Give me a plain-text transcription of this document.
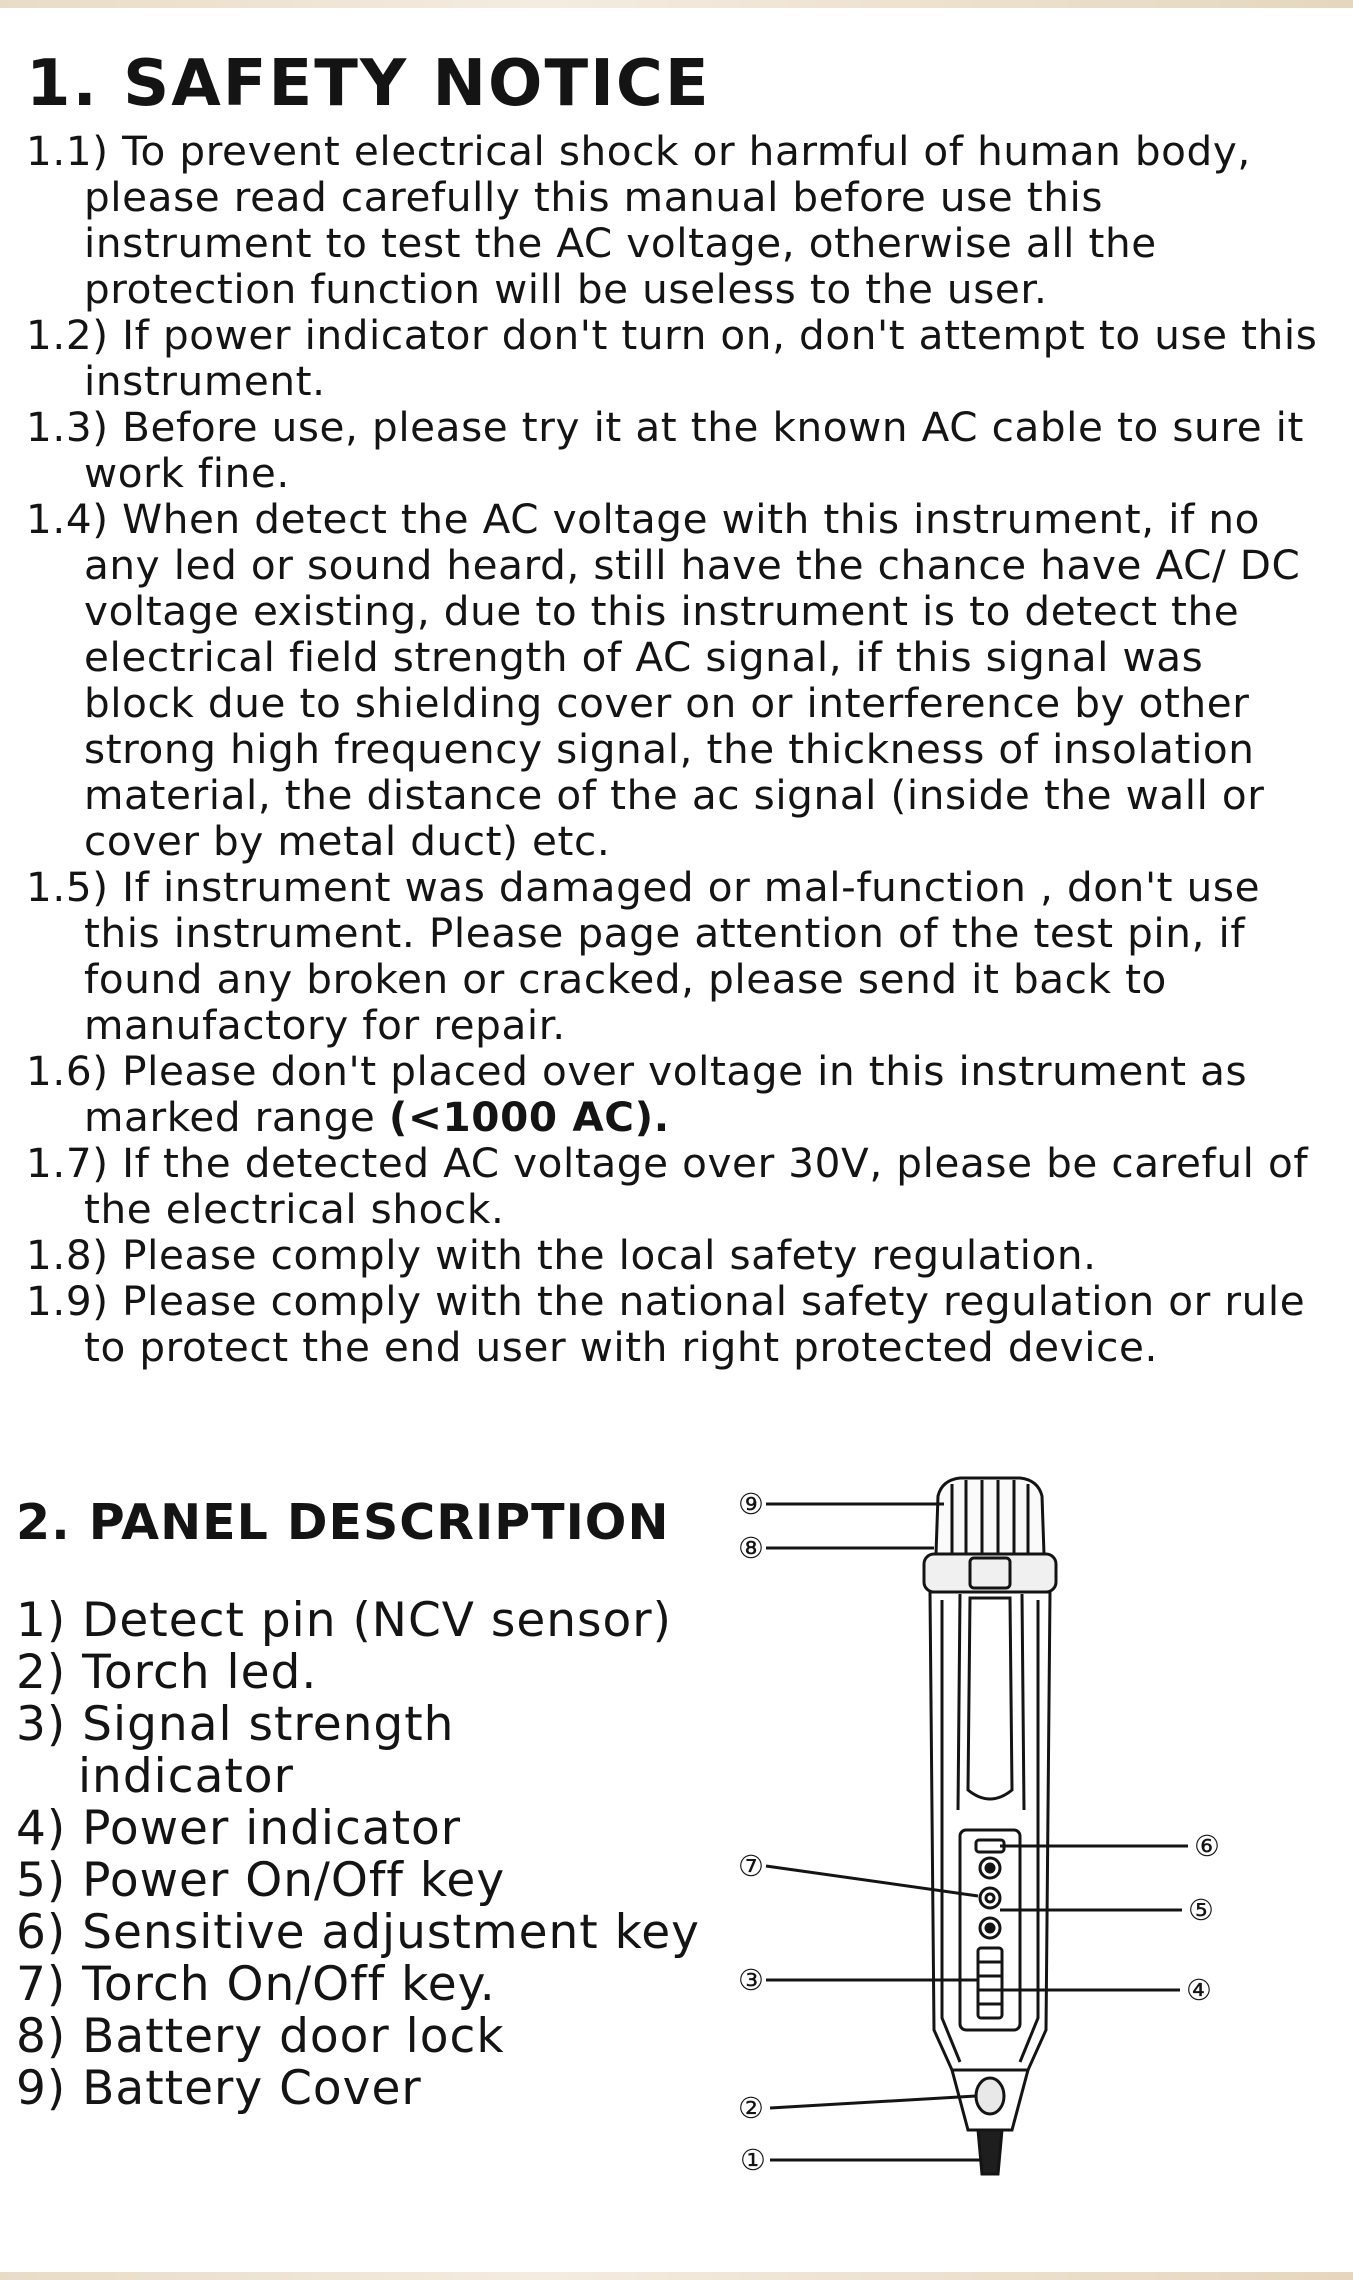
1. SAFETY NOTICE
1.1) To prevent electrical shock or harmful of human body, please read carefully this manual before use this instrument to test the AC voltage, otherwise all the protection function will be useless to the user.
1.2) If power indicator don't turn on, don't attempt to use this instrument.
1.3) Before use, please try it at the known AC cable to sure it work fine.
1.4) When detect the AC voltage with this instrument, if no any led or sound heard, still have the chance have AC/ DC voltage existing, due to this instrument is to detect the electrical field strength of AC signal, if this signal was block due to shielding cover on or interference by other strong high frequency signal, the thickness of insolation material, the distance of the ac signal (inside the wall or cover by metal duct) etc.
1.5) If instrument was damaged or mal-function , don't use this instrument. Please page attention of the test pin, if found any broken or cracked, please send it back to manufactory for repair.
1.6) Please don't placed over voltage in this instrument as marked range (<1000 AC).
1.7) If the detected AC voltage over 30V, please be careful of the electrical shock.
1.8) Please comply with the local safety regulation.
1.9) Please comply with the national safety regulation or rule to protect the end user with right protected device.
2. PANEL DESCRIPTION
1) Detect pin (NCV sensor)
2) Torch led.
3) Signal strength indicator
4) Power indicator
5) Power On/Off key
6) Sensitive adjustment key
7) Torch On/Off key.
8) Battery door lock
9) Battery Cover
⑨
⑧
⑦
③
②
①
⑥
⑤
④
